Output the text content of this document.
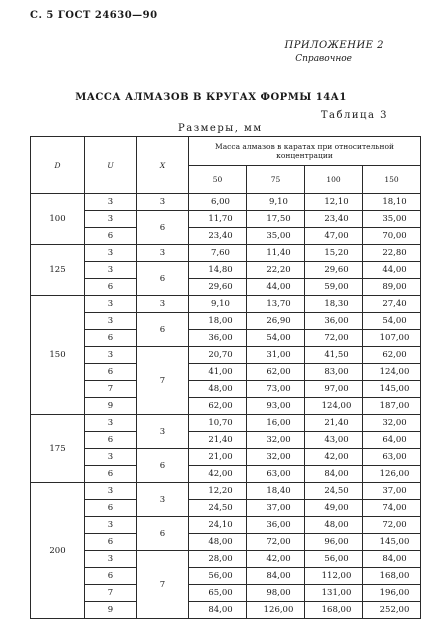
С. 5 ГОСТ 24630—90
ПРИЛОЖЕНИЕ 2
Справочное
МАССА АЛМАЗОВ В КРУГАХ ФОРМЫ 14А1
Таблица 3
Размеры, мм
D	U	X	Масса алмазов в каратах при относительной концентрации			
			50	75	100	150
100	3	3	6,00	9,10	12,10	18,10
	3	6	11,70	17,50	23,40	35,00
	6		23,40	35,00	47,00	70,00
125	3	3	7,60	11,40	15,20	22,80
	3	6	14,80	22,20	29,60	44,00
	6		29,60	44,00	59,00	89,00
150	3	3	9,10	13,70	18,30	27,40
	3	6	18,00	26,90	36,00	54,00
	6		36,00	54,00	72,00	107,00
	3	7	20,70	31,00	41,50	62,00
	6		41,00	62,00	83,00	124,00
	7		48,00	73,00	97,00	145,00
	9		62,00	93,00	124,00	187,00
175	3	3	10,70	16,00	21,40	32,00
	6		21,40	32,00	43,00	64,00
	3	6	21,00	32,00	42,00	63,00
	6		42,00	63,00	84,00	126,00
200	3	3	12,20	18,40	24,50	37,00
	6		24,50	37,00	49,00	74,00
	3	6	24,10	36,00	48,00	72,00
	6		48,00	72,00	96,00	145,00
	3	7	28,00	42,00	56,00	84,00
	6		56,00	84,00	112,00	168,00
	7		65,00	98,00	131,00	196,00
	9		84,00	126,00	168,00	252,00
